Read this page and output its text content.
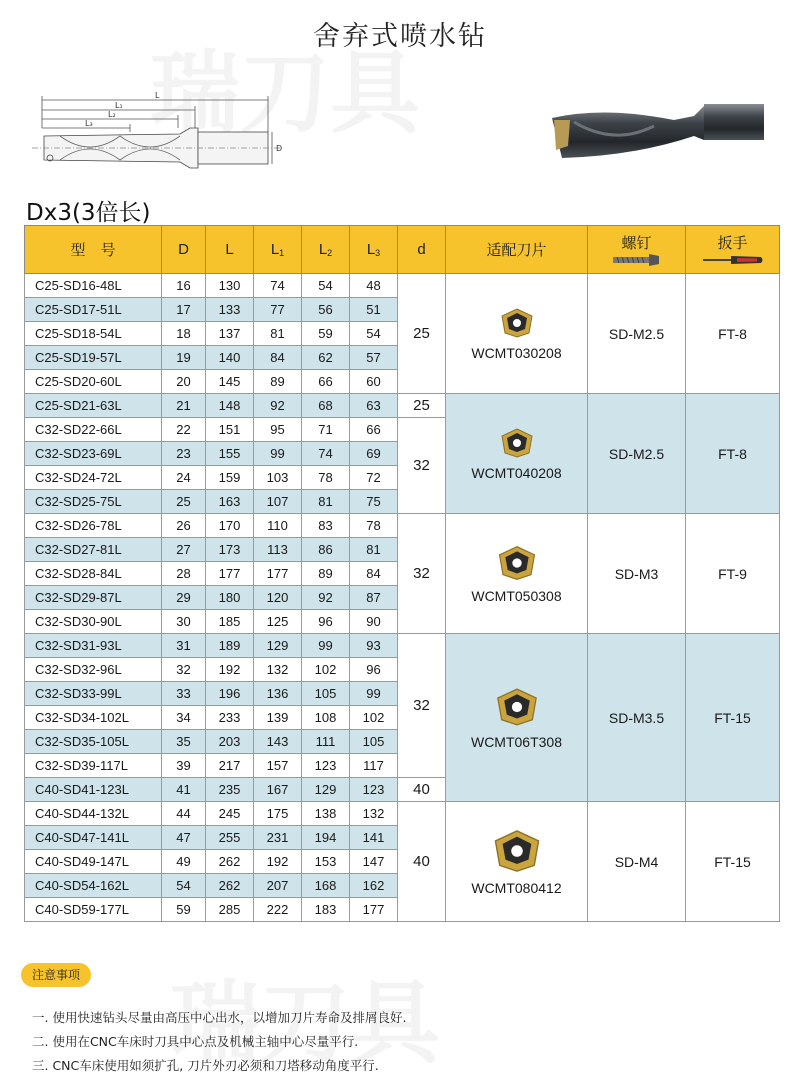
舍弃式喷水钻
L
L₁
L₂
L₃
D
Dx3(3倍长)
型　号	D	L	$L_1$	$L_2$	$L_3$	d	适配刀片	螺钉	扳手

C25-SD16-48L	16	130	74	54	48	25	WCMT030208	SD-M2.5	FT-8
C25-SD17-51L	17	133	77	56	51				
C25-SD18-54L	18	137	81	59	54				
C25-SD19-57L	19	140	84	62	57				
C25-SD20-60L	20	145	89	66	60				
C25-SD21-63L	21	148	92	68	63	25	WCMT040208	SD-M2.5	FT-8
C32-SD22-66L	22	151	95	71	66	32			
C32-SD23-69L	23	155	99	74	69				
C32-SD24-72L	24	159	103	78	72				
C32-SD25-75L	25	163	107	81	75				
C32-SD26-78L	26	170	110	83	78	32	WCMT050308	SD-M3	FT-9
C32-SD27-81L	27	173	113	86	81				
C32-SD28-84L	28	177	177	89	84				
C32-SD29-87L	29	180	120	92	87				
C32-SD30-90L	30	185	125	96	90				
C32-SD31-93L	31	189	129	99	93	32	WCMT06T308	SD-M3.5	FT-15
C32-SD32-96L	32	192	132	102	96				
C32-SD33-99L	33	196	136	105	99				
C32-SD34-102L	34	233	139	108	102				
C32-SD35-105L	35	203	143	111	105				
C32-SD39-117L	39	217	157	123	117				
C40-SD41-123L	41	235	167	129	123	40			
C40-SD44-132L	44	245	175	138	132	40	WCMT080412	SD-M4	FT-15
C40-SD47-141L	47	255	231	194	141				
C40-SD49-147L	49	262	192	153	147				
C40-SD54-162L	54	262	207	168	162				
C40-SD59-177L	59	285	222	183	177				
注意事项
一. 使用快速钻头尽量由高压中心出水，以增加刀片寿命及排屑良好.
二. 使用在CNC车床时刀具中心点及机械主轴中心尽量平行.
三. CNC车床使用如须扩孔, 刀片外刃必须和刀塔移动角度平行.
